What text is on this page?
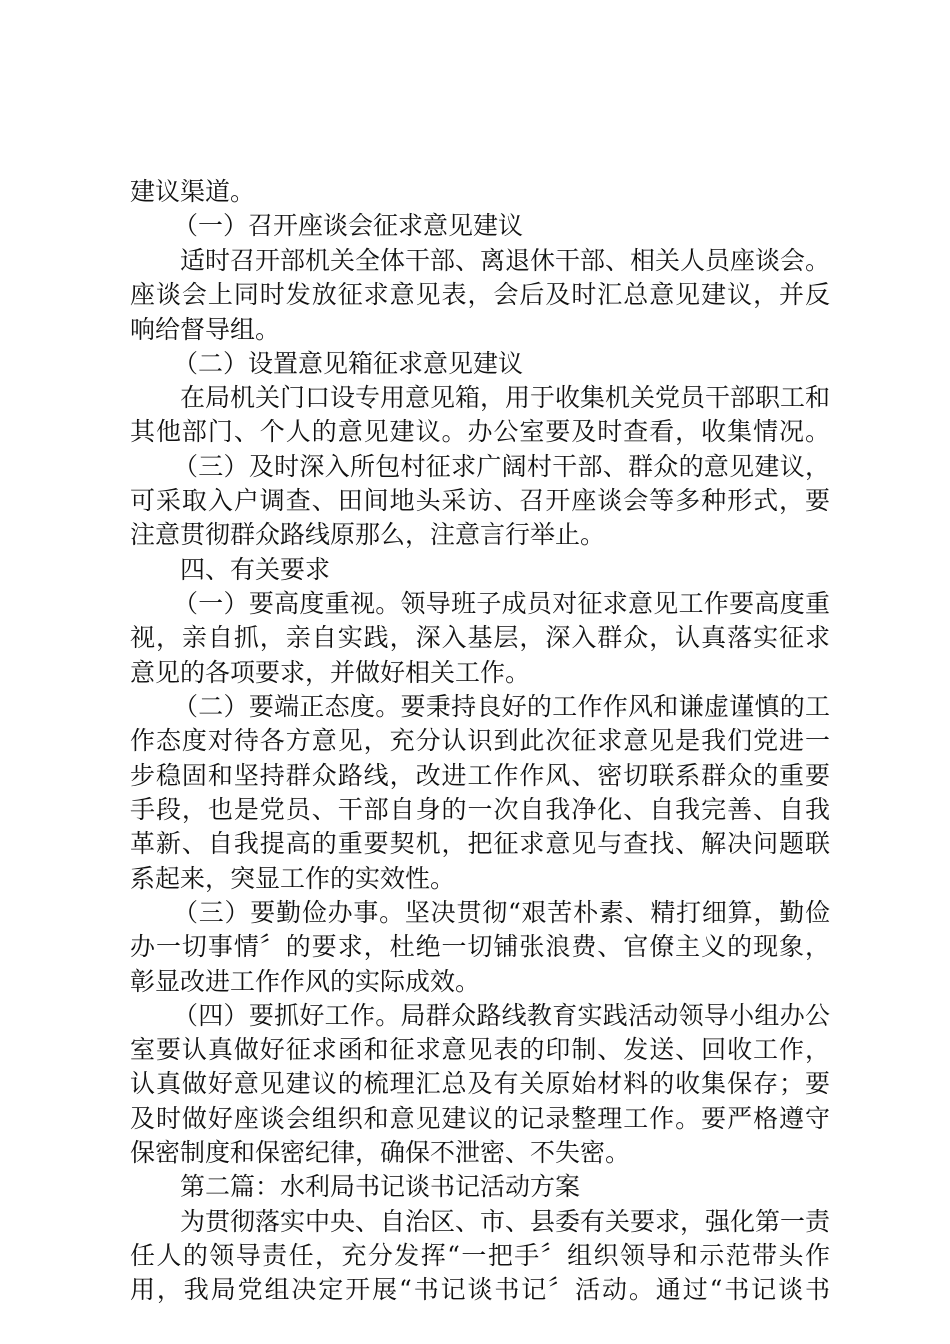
建议渠道。
（一）召开座谈会征求意见建议
适时召开部机关全体干部、离退休干部、相关人员座谈会。
座谈会上同时发放征求意见表，会后及时汇总意见建议，并反
响给督导组。
（二）设置意见箱征求意见建议
在局机关门口设专用意见箱，用于收集机关党员干部职工和
其他部门、个人的意见建议。办公室要及时查看，收集情况。
（三）及时深入所包村征求广阔村干部、群众的意见建议，
可采取入户调查、田间地头采访、召开座谈会等多种形式，要
注意贯彻群众路线原那么，注意言行举止。
四、有关要求
（一）要高度重视。领导班子成员对征求意见工作要高度重
视，亲自抓，亲自实践，深入基层，深入群众，认真落实征求
意见的各项要求，并做好相关工作。
（二）要端正态度。要秉持良好的工作作风和谦虚谨慎的工
作态度对待各方意见，充分认识到此次征求意见是我们党进一
步稳固和坚持群众路线，改进工作作风、密切联系群众的重要
手段，也是党员、干部自身的一次自我净化、自我完善、自我
革新、自我提高的重要契机，把征求意见与查找、解决问题联
系起来，突显工作的实效性。
（三）要勤俭办事。坚决贯彻“艰苦朴素、精打细算，勤俭
办一切事情〞的要求，杜绝一切铺张浪费、官僚主义的现象，
彰显改进工作作风的实际成效。
（四）要抓好工作。局群众路线教育实践活动领导小组办公
室要认真做好征求函和征求意见表的印制、发送、回收工作，
认真做好意见建议的梳理汇总及有关原始材料的收集保存；要
及时做好座谈会组织和意见建议的记录整理工作。要严格遵守
保密制度和保密纪律，确保不泄密、不失密。
第二篇：水利局书记谈书记活动方案
为贯彻落实中央、自治区、市、县委有关要求，强化第一责
任人的领导责任，充分发挥“一把手〞组织领导和示范带头作
用，我局党组决定开展“书记谈书记〞活动。通过“书记谈书
